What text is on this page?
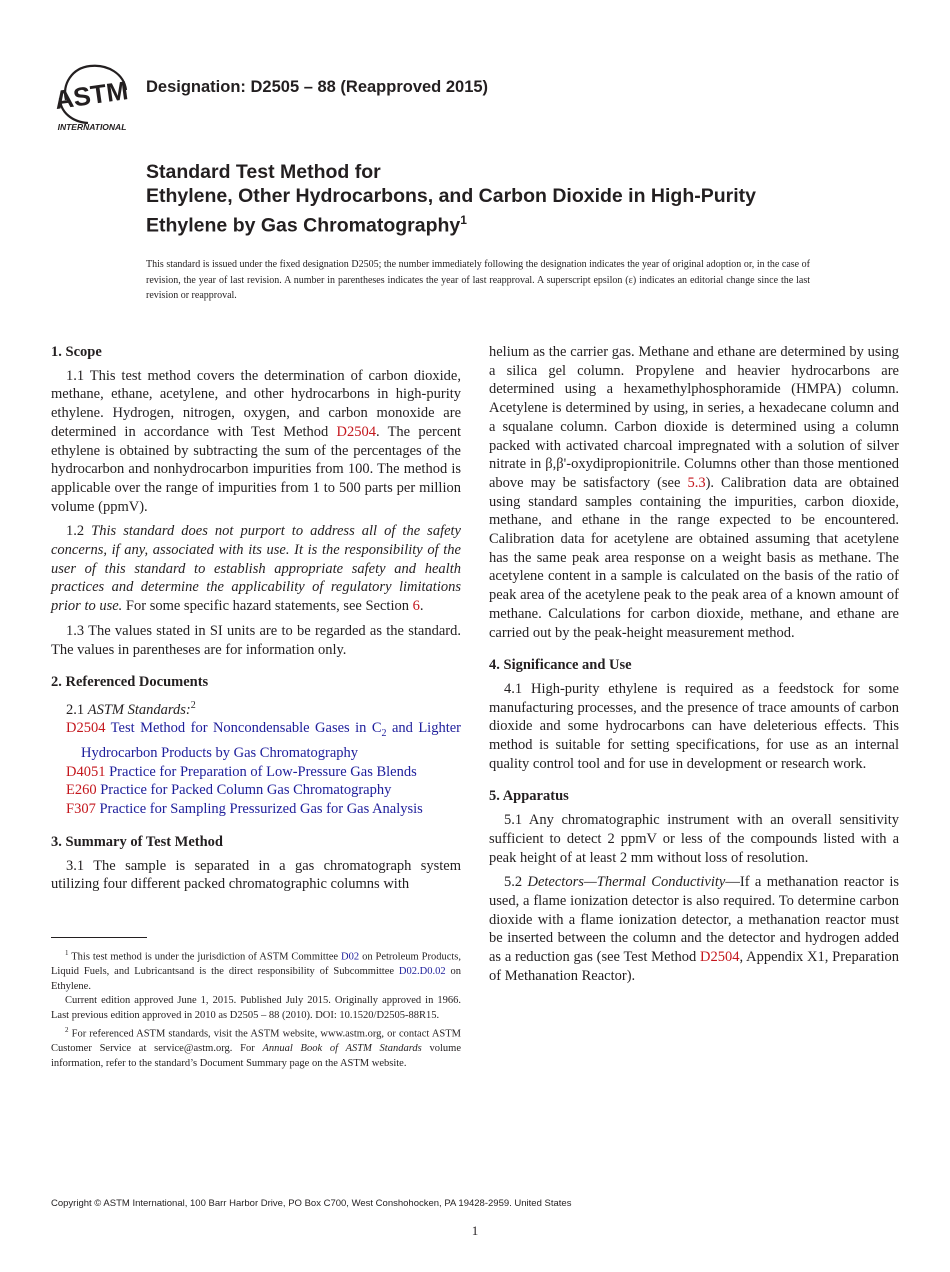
ASTM
INTERNATIONAL
Designation: D2505 – 88 (Reapproved 2015)
Standard Test Method for
Ethylene, Other Hydrocarbons, and Carbon Dioxide in High-Purity Ethylene by Gas Chromatography$^1$
This standard is issued under the fixed designation D2505; the number immediately following the designation indicates the year of original adoption or, in the case of revision, the year of last revision. A number in parentheses indicates the year of last reapproval. A superscript epsilon (ε) indicates an editorial change since the last revision or reapproval.
1. Scope

1.1 This test method covers the determination of carbon dioxide, methane, ethane, acetylene, and other hydrocarbons in high-purity ethylene. Hydrogen, nitrogen, oxygen, and carbon monoxide are determined in accordance with Test Method D2504. The percent ethylene is obtained by subtracting the sum of the percentages of the hydrocarbon and nonhydrocarbon impurities from 100. The method is applicable over the range of impurities from 1 to 500 parts per million volume (ppmV).

1.2 This standard does not purport to address all of the safety concerns, if any, associated with its use. It is the responsibility of the user of this standard to establish appropriate safety and health practices and determine the applicability of regulatory limitations prior to use. For some specific hazard statements, see Section 6.

1.3 The values stated in SI units are to be regarded as the standard. The values in parentheses are for information only.

2. Referenced Documents

2.1 ASTM Standards:$^2$

D2504 Test Method for Noncondensable Gases in $C_2$ and Lighter Hydrocarbon Products by Gas Chromatography

D4051 Practice for Preparation of Low-Pressure Gas Blends

E260 Practice for Packed Column Gas Chromatography

F307 Practice for Sampling Pressurized Gas for Gas Analysis

3. Summary of Test Method

3.1 The sample is separated in a gas chromatograph system utilizing four different packed chromatographic columns with

$^1$ This test method is under the jurisdiction of ASTM Committee D02 on Petroleum Products, Liquid Fuels, and Lubricantsand is the direct responsibility of Subcommittee D02.D0.02 on Ethylene.

Current edition approved June 1, 2015. Published July 2015. Originally approved in 1966. Last previous edition approved in 2010 as D2505 – 88 (2010). DOI: 10.1520/D2505-88R15.

$^2$ For referenced ASTM standards, visit the ASTM website, www.astm.org, or contact ASTM Customer Service at service@astm.org. For Annual Book of ASTM Standards volume information, refer to the standard’s Document Summary page on the ASTM website.

helium as the carrier gas. Methane and ethane are determined by using a silica gel column. Propylene and heavier hydrocarbons are determined using a hexamethylphosphoramide (HMPA) column. Acetylene is determined by using, in series, a hexadecane column and a squalane column. Carbon dioxide is determined using a column packed with activated charcoal impregnated with a solution of silver nitrate in β,β'-oxydipropionitrile. Columns other than those mentioned above may be satisfactory (see 5.3). Calibration data are obtained using standard samples containing the impurities, carbon dioxide, methane, and ethane in the range expected to be encountered. Calibration data for acetylene are obtained assuming that acetylene has the same peak area response on a weight basis as methane. The acetylene content in a sample is calculated on the basis of the ratio of peak area of the acetylene peak to the peak area of a known amount of methane. Calculations for carbon dioxide, methane, and ethane are carried out by the peak-height measurement method.

4. Significance and Use

4.1 High-purity ethylene is required as a feedstock for some manufacturing processes, and the presence of trace amounts of carbon dioxide and some hydrocarbons can have deleterious effects. This method is suitable for setting specifications, for use as an internal quality control tool and for use in development or research work.

5. Apparatus

5.1 Any chromatographic instrument with an overall sensitivity sufficient to detect 2 ppmV or less of the compounds listed with a peak height of at least 2 mm without loss of resolution.

5.2 Detectors—Thermal Conductivity—If a methanation reactor is used, a flame ionization detector is also required. To determine carbon dioxide with a flame ionization detector, a methanation reactor must be inserted between the column and the detector and hydrogen added as a reduction gas (see Test Method D2504, Appendix X1, Preparation of Methanation Reactor).

Copyright © ASTM International, 100 Barr Harbor Drive, PO Box C700, West Conshohocken, PA 19428-2959. United States
1
